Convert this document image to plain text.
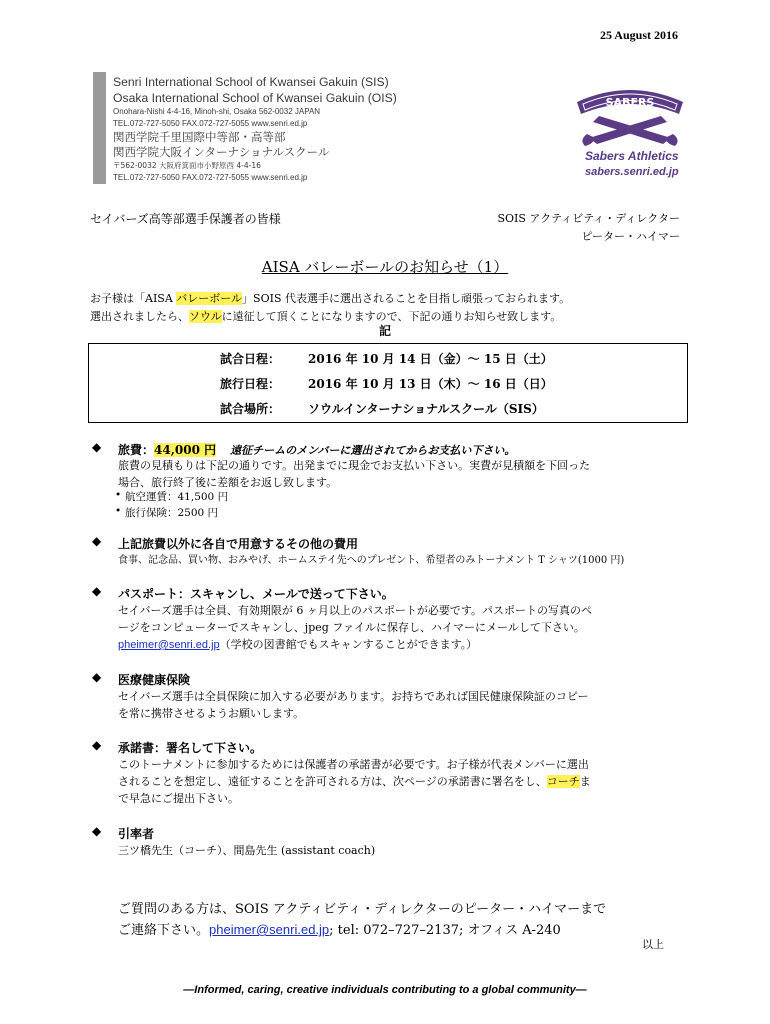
25 August 2016
Senri International School of Kwansei Gakuin (SIS)
Osaka International School of Kwansei Gakuin (OIS)
Onohara-Nishi 4-4-16, Minoh-shi, Osaka 562-0032 JAPAN
TEL.072-727-5050 FAX.072-727-5055 www.senri.ed.jp
関西学院千里国際中等部・高等部
関西学院大阪インターナショナルスクール
〒562-0032 大阪府箕面市小野原西 4-4-16
TEL.072-727-5050 FAX.072-727-5055 www.senri.ed.jp
SABERS
Sabers Athletics
sabers.senri.ed.jp
セイバーズ高等部選手保護者の皆様	SOIS アクティビティ・ディレクター
ピーター・ハイマー
AISA バレーボールのお知らせ（1）
お子様は「AISA バレーボール」SOIS 代表選手に選出されることを目指し頑張っておられます。
選出されましたら、ソウルに遠征して頂くことになりますので、下記の通りお知らせ致します。
記
試合日程： 2016 年 10 月 14 日（金）～ 15 日（土）
旅行日程： 2016 年 10 月 13 日（木）～ 16 日（日）
試合場所： ソウルインターナショナルスクール（SIS）
◆ 旅費：44,000 円 遠征チームのメンバーに選出されてからお支払い下さい。
旅費の見積もりは下記の通りです。出発までに現金でお支払い下さい。実費が見積額を下回った
場合、旅行終了後に差額をお返し致します。
• 航空運賃：41,500 円
• 旅行保険：2500 円
◆ 上記旅費以外に各自で用意するその他の費用
食事、記念品、買い物、おみやげ、ホームステイ先へのプレゼント、希望者のみトーナメント T シャツ(1000 円)
◆ パスポート：スキャンし、メールで送って下さい。
セイバーズ選手は全員、有効期限が 6 ヶ月以上のパスポートが必要です。パスポートの写真のペ
ージをコンピューターでスキャンし、jpeg ファイルに保存し、ハイマーにメールして下さい。
pheimer@senri.ed.jp（学校の図書館でもスキャンすることができます。）
◆ 医療健康保険
セイバーズ選手は全員保険に加入する必要があります。お持ちであれば国民健康保険証のコピー
を常に携帯させるようお願いします。
◆ 承諾書：署名して下さい。
このトーナメントに参加するためには保護者の承諾書が必要です。お子様が代表メンバーに選出
されることを想定し、遠征することを許可される方は、次ページの承諾書に署名をし、コーチま
で早急にご提出下さい。
◆ 引率者
三ツ橋先生（コーチ）、間島先生 (assistant coach)
ご質問のある方は、SOIS アクティビティ・ディレクターのピーター・ハイマーまで
ご連絡下さい。pheimer@senri.ed.jp; tel: 072–727–2137; オフィス A-240
以上
—Informed, caring, creative individuals contributing to a global community—
